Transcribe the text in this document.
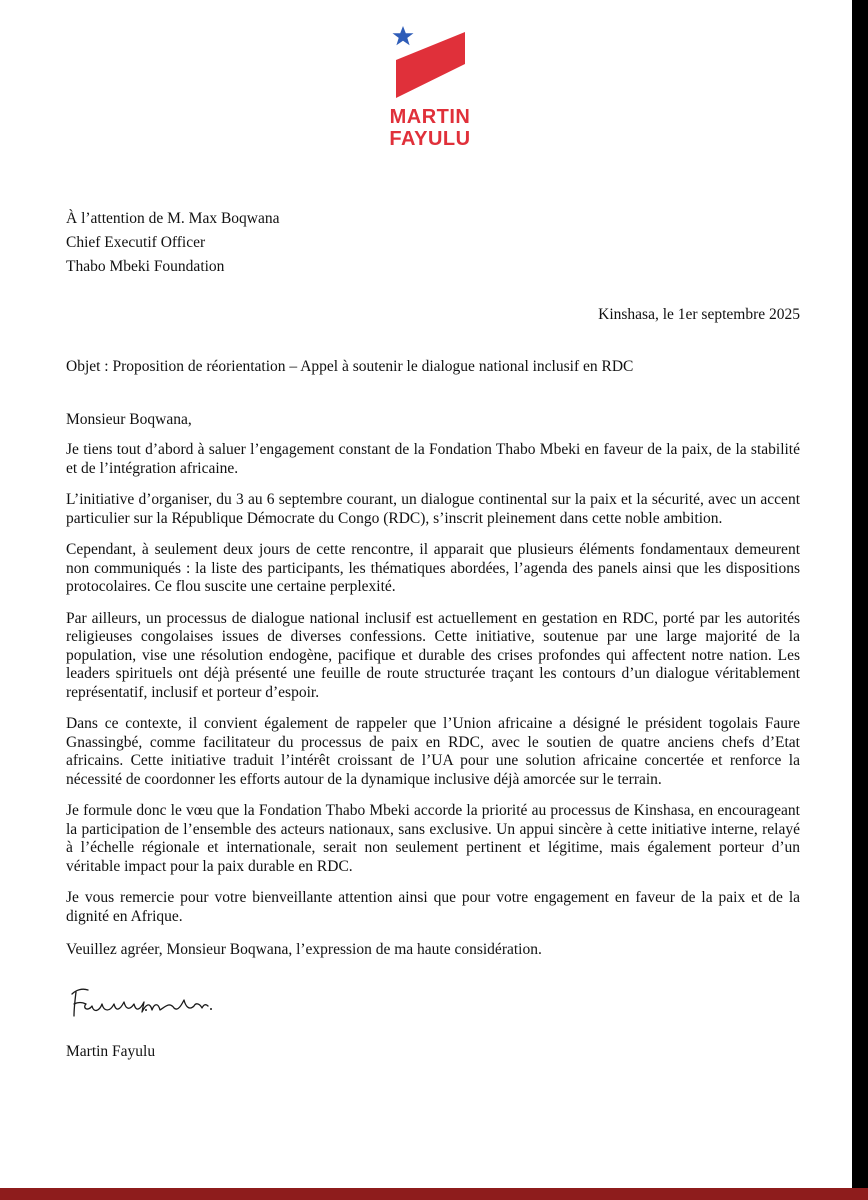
MARTIN
FAYULU
À l’attention de M. Max Boqwana
Chief Executif Officer
Thabo Mbeki Foundation
Kinshasa, le 1er septembre 2025
Objet : Proposition de réorientation – Appel à soutenir le dialogue national inclusif en RDC
Monsieur Boqwana,

Je tiens tout d’abord à saluer l’engagement constant de la Fondation Thabo Mbeki en faveur de la paix, de la stabilité et de l’intégration africaine.

L’initiative d’organiser, du 3 au 6 septembre courant, un dialogue continental sur la paix et la sécurité, avec un accent particulier sur la République Démocrate du Congo (RDC), s’inscrit pleinement dans cette noble ambition.

Cependant, à seulement deux jours de cette rencontre, il apparait que plusieurs éléments fondamentaux demeurent non communiqués : la liste des participants, les thématiques abordées, l’agenda des panels ainsi que les dispositions protocolaires. Ce flou suscite une certaine perplexité.

Par ailleurs, un processus de dialogue national inclusif est actuellement en gestation en RDC, porté par les autorités religieuses congolaises issues de diverses confessions. Cette initiative, soutenue par une large majorité de la population, vise une résolution endogène, pacifique et durable des crises profondes qui affectent notre nation. Les leaders spirituels ont déjà présenté une feuille de route structurée traçant les contours d’un dialogue véritablement représentatif, inclusif et porteur d’espoir.

Dans ce contexte, il convient également de rappeler que l’Union africaine a désigné le président togolais Faure Gnassingbé, comme facilitateur du processus de paix en RDC, avec le soutien de quatre anciens chefs d’Etat africains. Cette initiative traduit l’intérêt croissant de l’UA pour une solution africaine concertée et renforce la nécessité de coordonner les efforts autour de la dynamique inclusive déjà amorcée sur le terrain.

Je formule donc le vœu que la Fondation Thabo Mbeki accorde la priorité au processus de Kinshasa, en encourageant la participation de l’ensemble des acteurs nationaux, sans exclusive. Un appui sincère à cette initiative interne, relayé à l’échelle régionale et internationale, serait non seulement pertinent et légitime, mais également porteur d’un véritable impact pour la paix durable en RDC.

Je vous remercie pour votre bienveillante attention ainsi que pour votre engagement en faveur de la paix et de la dignité en Afrique.

Veuillez agréer, Monsieur Boqwana, l’expression de ma haute considération.
Martin Fayulu
